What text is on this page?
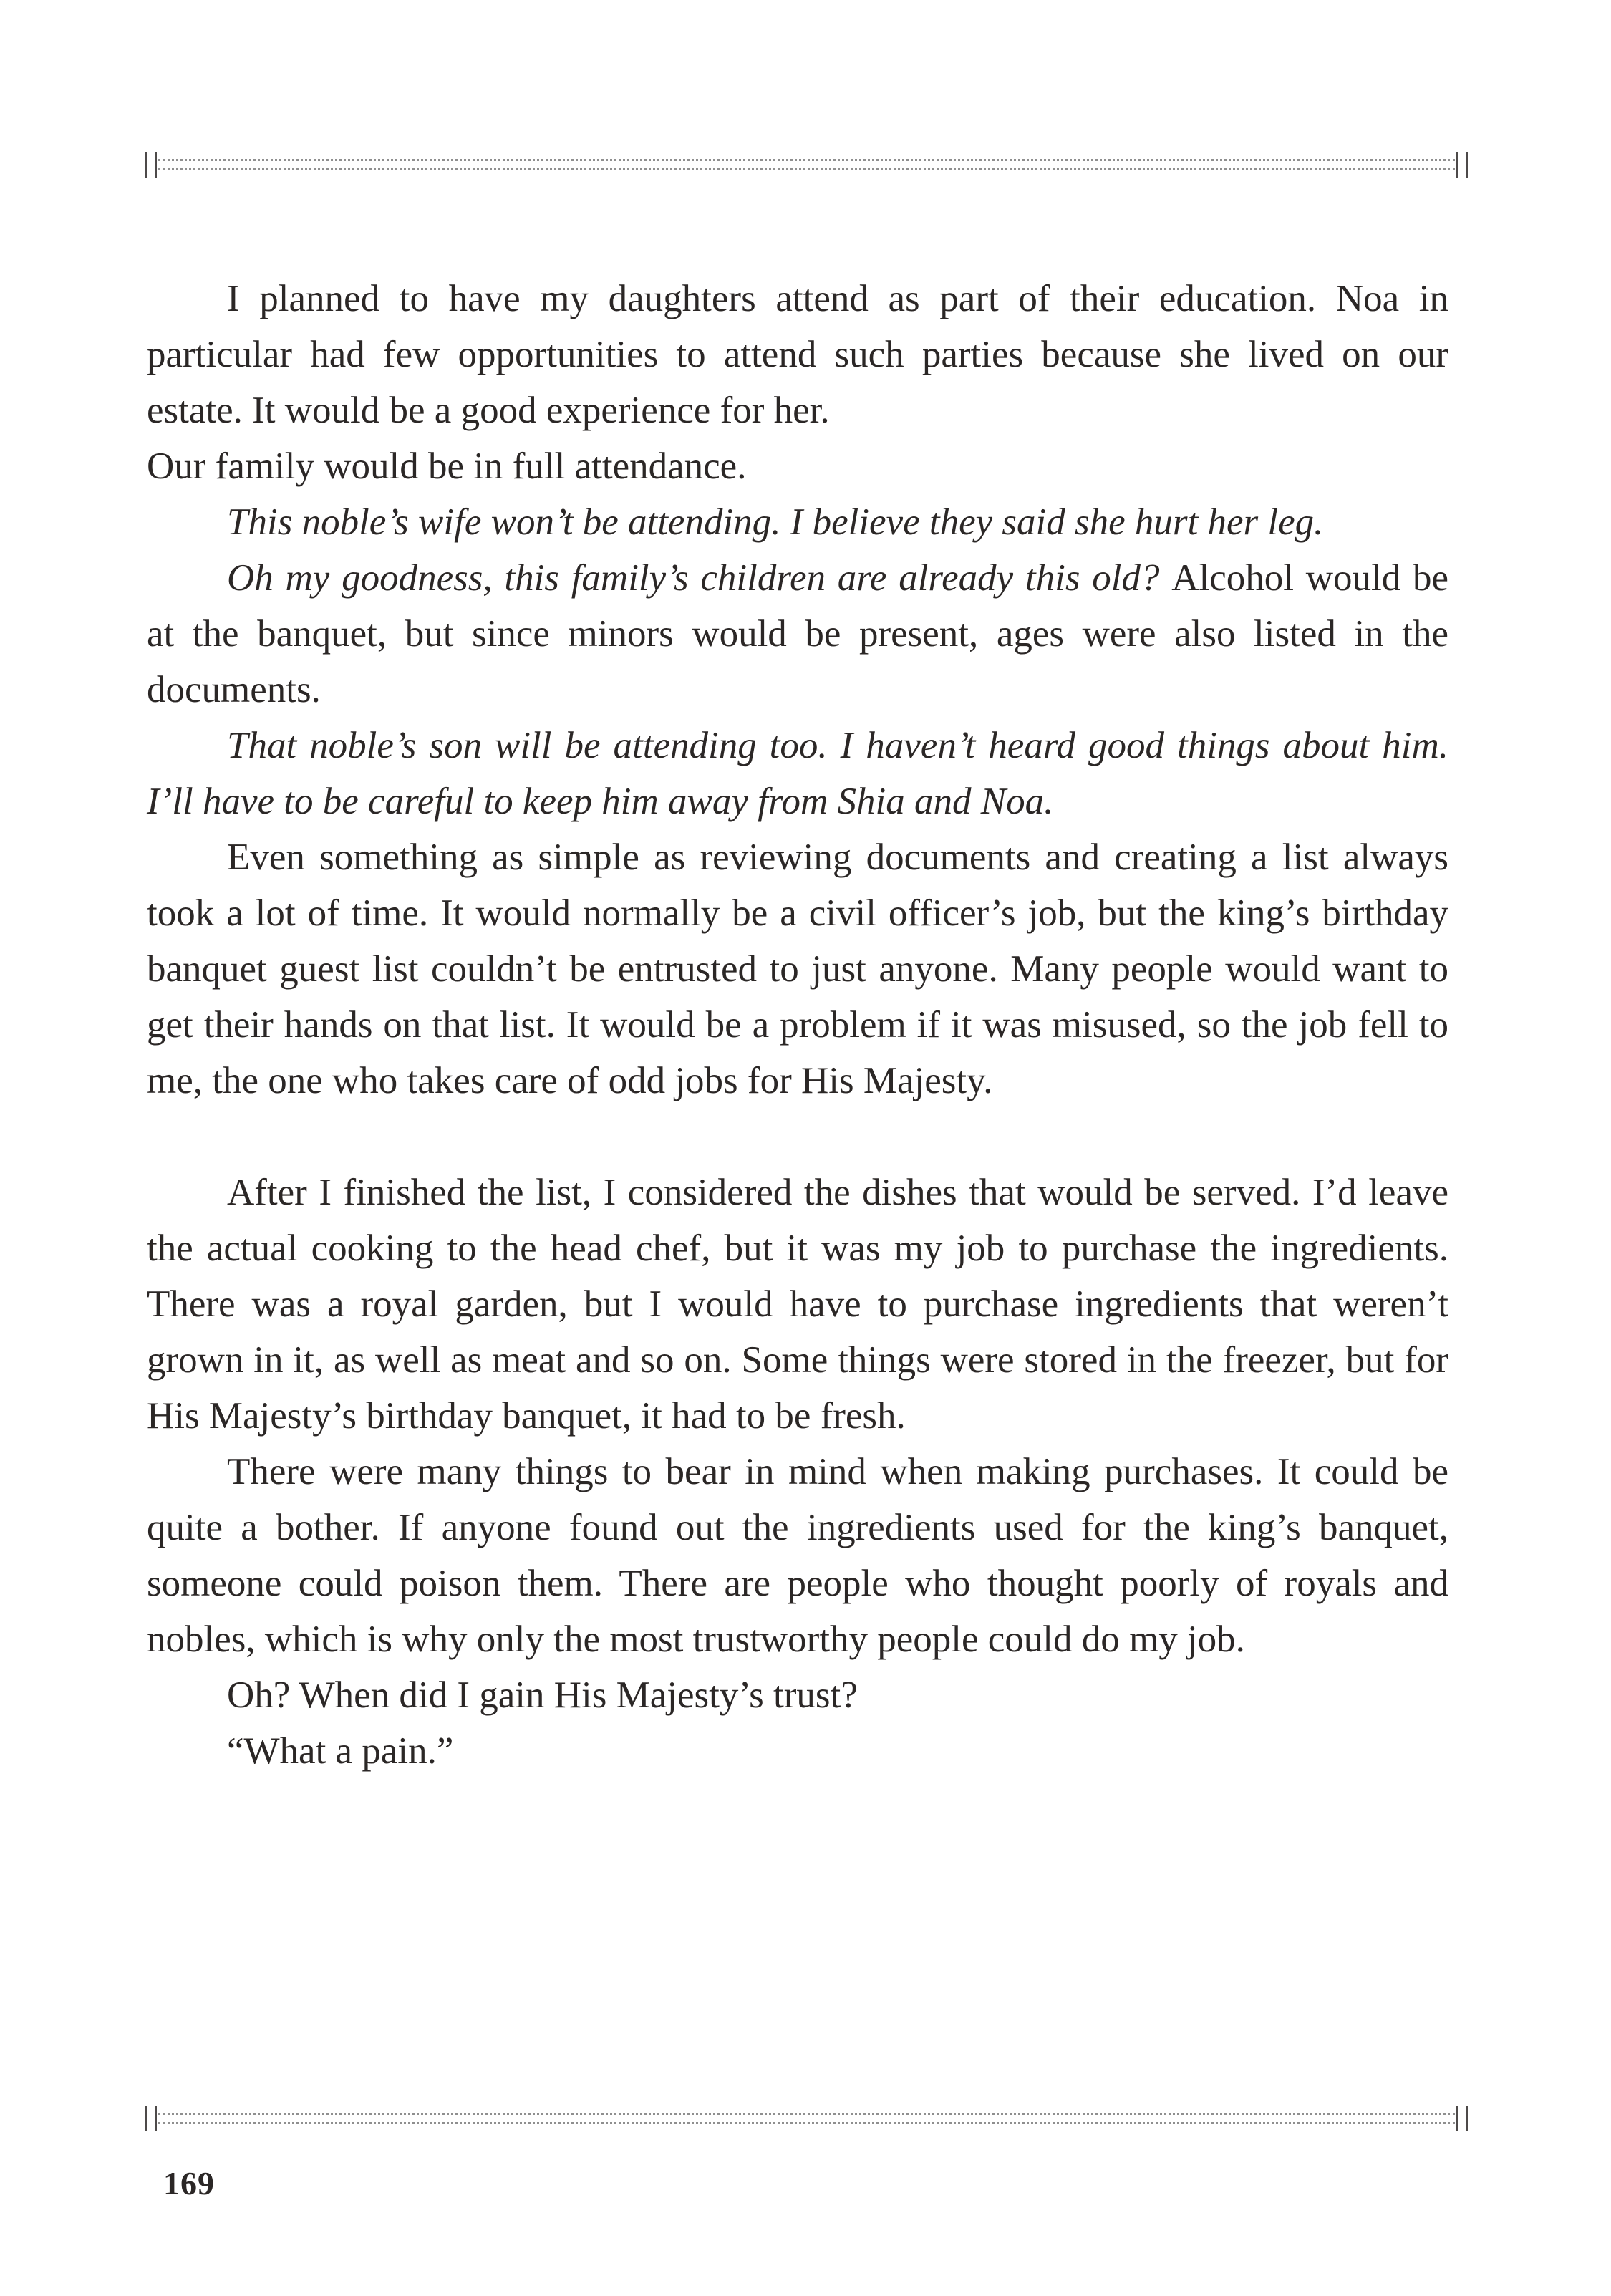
I planned to have my daughters attend as part of their education. Noa in particular had few opportunities to attend such parties because she lived on our estate. It would be a good experience for her.

Our family would be in full attendance.

This noble’s wife won’t be attending. I believe they said she hurt her leg.

Oh my goodness, this family’s children are already this old? Alcohol would be at the banquet, but since minors would be present, ages were also listed in the documents.

That noble’s son will be attending too. I haven’t heard good things about him. I’ll have to be careful to keep him away from Shia and Noa.

Even something as simple as reviewing documents and creating a list always took a lot of time. It would normally be a civil officer’s job, but the king’s birthday banquet guest list couldn’t be entrusted to just anyone. Many people would want to get their hands on that list. It would be a problem if it was misused, so the job fell to me, the one who takes care of odd jobs for His Majesty.

After I finished the list, I considered the dishes that would be served. I’d leave the actual cooking to the head chef, but it was my job to purchase the ingredients. There was a royal garden, but I would have to purchase ingredients that weren’t grown in it, as well as meat and so on. Some things were stored in the freezer, but for His Majesty’s birthday banquet, it had to be fresh.

There were many things to bear in mind when making purchases. It could be quite a bother. If anyone found out the ingredients used for the king’s banquet, someone could poison them. There are people who thought poorly of royals and nobles, which is why only the most trustworthy people could do my job.

Oh? When did I gain His Majesty’s trust?

“What a pain.”

169
